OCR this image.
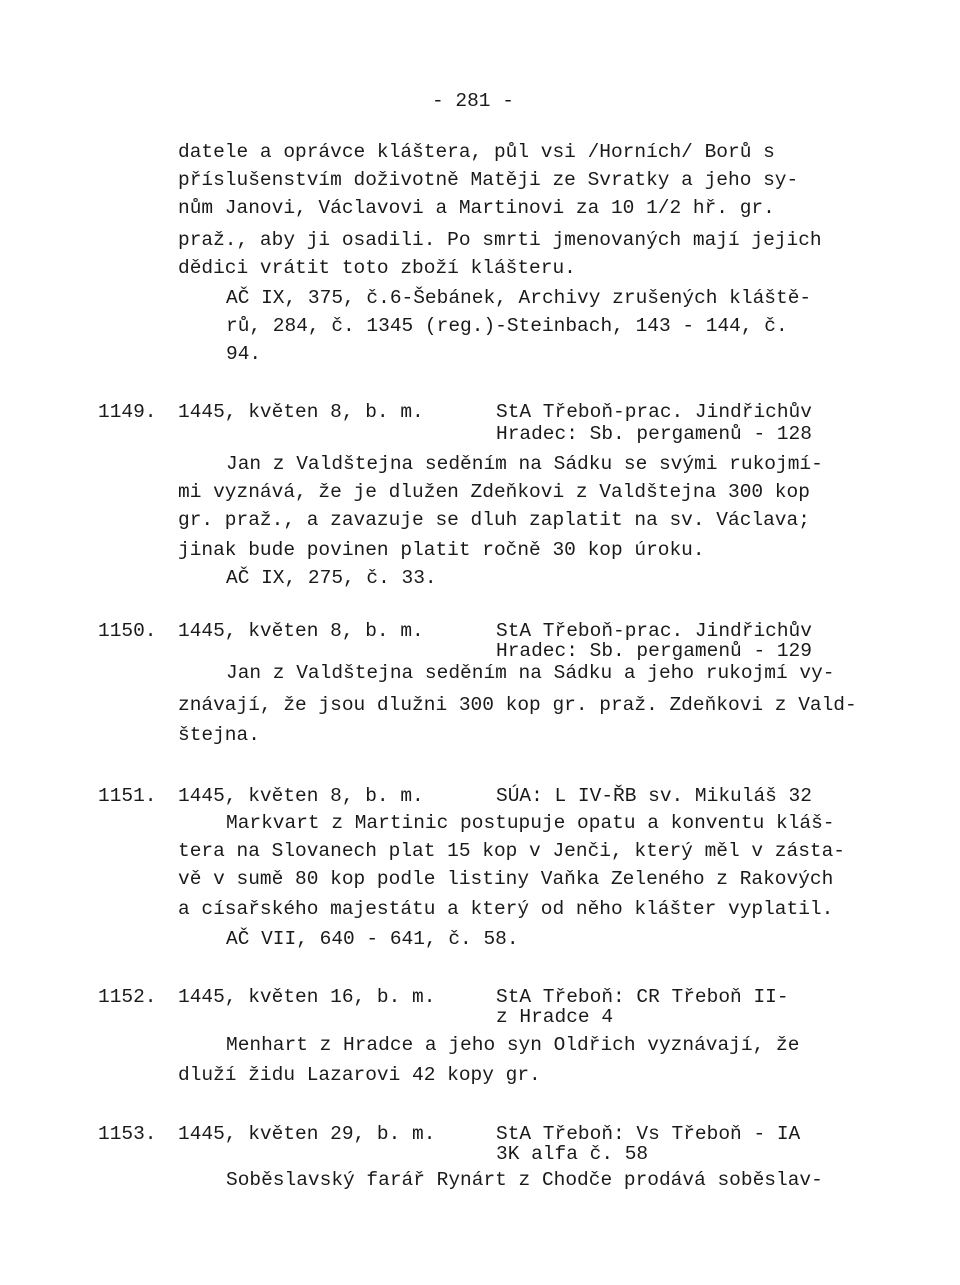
- 281 -
datele a oprávce kláštera, půl vsi /Horních/ Borů s
příslušenstvím doživotně Matěji ze Svratky a jeho sy-
nům Janovi, Václavovi a Martinovi za 10 1/2 hř. gr.
praž., aby ji osadili. Po smrti jmenovaných mají jejich
dědici vrátit toto zboží klášteru.
AČ IX, 375, č.6-Šebánek, Archivy zrušených kláště-
rů, 284, č. 1345 (reg.)-Steinbach, 143 - 144, č.
94.
1149. 1445, květen 8, b. m.	StA Třeboň-prac. Jindřichův
Hradec: Sb. pergamenů - 128
Jan z Valdštejna seděním na Sádku se svými rukojmí-
mi vyznává, že je dlužen Zdeňkovi z Valdštejna 300 kop
gr. praž., a zavazuje se dluh zaplatit na sv. Václava;
jinak bude povinen platit ročně 30 kop úroku.
AČ IX, 275, č. 33.
1150. 1445, květen 8, b. m.	StA Třeboň-prac. Jindřichův
Hradec: Sb. pergamenů - 129
Jan z Valdštejna seděním na Sádku a jeho rukojmí vy-
znávají, že jsou dlužni 300 kop gr. praž. Zdeňkovi z Vald-
štejna.
1151. 1445, květen 8, b. m.	SÚA: L IV-ŘB sv. Mikuláš 32
Markvart z Martinic postupuje opatu a konventu kláš-
tera na Slovanech plat 15 kop v Jenči, který měl v zásta-
vě v sumě 80 kop podle listiny Vaňka Zeleného z Rakových
a císařského majestátu a který od něho klášter vyplatil.
AČ VII, 640 - 641, č. 58.
1152. 1445, květen 16, b. m.	StA Třeboň: CR Třeboň II-
z Hradce 4
Menhart z Hradce a jeho syn Oldřich vyznávají, že
dluží židu Lazarovi 42 kopy gr.
1153. 1445, květen 29, b. m.	StA Třeboň: Vs Třeboň - IA
3K alfa č. 58
Soběslavský farář Rynárt z Chodče prodává soběslav-
